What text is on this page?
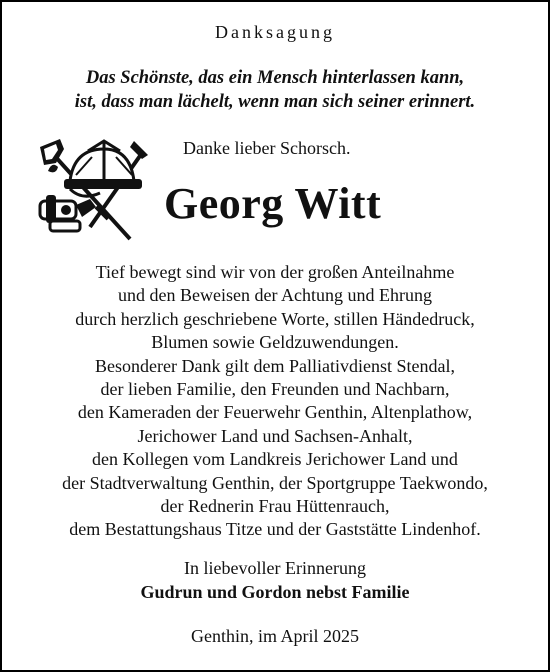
Danksagung
Das Schönste, das ein Mensch hinterlassen kann,
ist, dass man lächelt, wenn man sich seiner erinnert.
Danke lieber Schorsch.
Georg Witt
Tief bewegt sind wir von der großen Anteilnahme
und den Beweisen der Achtung und Ehrung
durch herzlich geschriebene Worte, stillen Händedruck,
Blumen sowie Geldzuwendungen.
Besonderer Dank gilt dem Palliativdienst Stendal,
der lieben Familie, den Freunden und Nachbarn,
den Kameraden der Feuerwehr Genthin, Altenplathow,
Jerichower Land und Sachsen-Anhalt,
den Kollegen vom Landkreis Jerichower Land und
der Stadtverwaltung Genthin, der Sportgruppe Taekwondo,
der Rednerin Frau Hüttenrauch,
dem Bestattungshaus Titze und der Gaststätte Lindenhof.
In liebevoller Erinnerung
Gudrun und Gordon nebst Familie
Genthin, im April 2025
